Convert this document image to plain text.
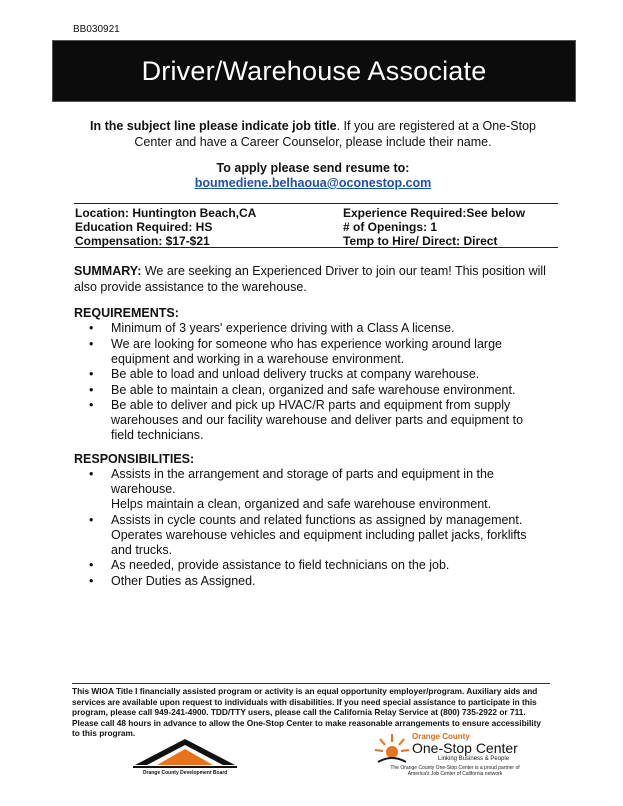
BB030921
Driver/Warehouse Associate
In the subject line please indicate job title. If you are registered at a One-Stop Center and have a Career Counselor, please include their name.
To apply please send resume to:
boumediene.belhaoua@oconestop.com
Location: Huntington Beach,CA
Education Required: HS
Compensation: $17-$21
Experience Required:See below
# of Openings: 1
Temp to Hire/ Direct: Direct
SUMMARY: We are seeking an Experienced Driver to join our team! This position will also provide assistance to the warehouse.
REQUIREMENTS:
• Minimum of 3 years' experience driving with a Class A license.
• We are looking for someone who has experience working around large equipment and working in a warehouse environment.
• Be able to load and unload delivery trucks at company warehouse.
• Be able to maintain a clean, organized and safe warehouse environment.
• Be able to deliver and pick up HVAC/R parts and equipment from supply warehouses and our facility warehouse and deliver parts and equipment to field technicians.
RESPONSIBILITIES:
• Assists in the arrangement and storage of parts and equipment in the warehouse.
Helps maintain a clean, organized and safe warehouse environment.
• Assists in cycle counts and related functions as assigned by management.
Operates warehouse vehicles and equipment including pallet jacks, forklifts and trucks.
• As needed, provide assistance to field technicians on the job.
• Other Duties as Assigned.
This WIOA Title I financially assisted program or activity is an equal opportunity employer/program. Auxiliary aids and services are available upon request to individuals with disabilities. If you need special assistance to participate in this program, please call 949-241-4900. TDD/TTY users, please call the California Relay Service at (800) 735-2922 or 711. Please call 48 hours in advance to allow the One-Stop Center to make reasonable arrangements to ensure accessibility to this program.
Orange County Development Board
Orange County
One-Stop Center
Linking Business & People
The Orange County One-Stop Center is a proud partner of America's Job Center of California network
